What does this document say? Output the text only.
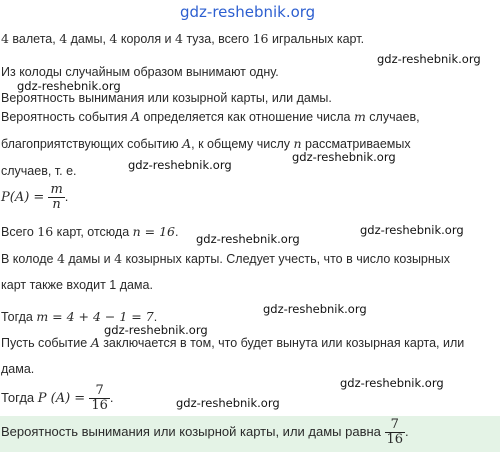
gdz-reshebnik.org
4 валета, 4 дамы, 4 короля и 4 туза, всего 16 игральных карт.
gdz-reshebnik.org
Из колоды случайным образом вынимают одну.
gdz-reshebnik.org
Вероятность вынимания или козырной карты, или дамы.
Вероятность события A определяется как отношение числа m случаев,
благоприятствующих событию A, к общему числу n рассматриваемых
gdz-reshebnik.org
gdz-reshebnik.org
случаев, т. е.
$P(A) = \frac{m}{n}$ .
Всего 16 карт, отсюда n = 16.	gdz-reshebnik.org
gdz-reshebnik.org
В колоде 4 дамы и 4 козырных карты. Следует учесть, что в число козырных
карт также входит 1 дама.
gdz-reshebnik.org
Тогда m = 4 + 4 − 1 = 7.
gdz-reshebnik.org
Пусть событие A заключается в том, что будет вынута или козырная карта, или
дама.
gdz-reshebnik.org
Тогда P $(A) = \frac{7}{16}$ .	gdz-reshebnik.org
Вероятность вынимания или козырной карты, или дамы равна $\frac{7}{16}$ .
